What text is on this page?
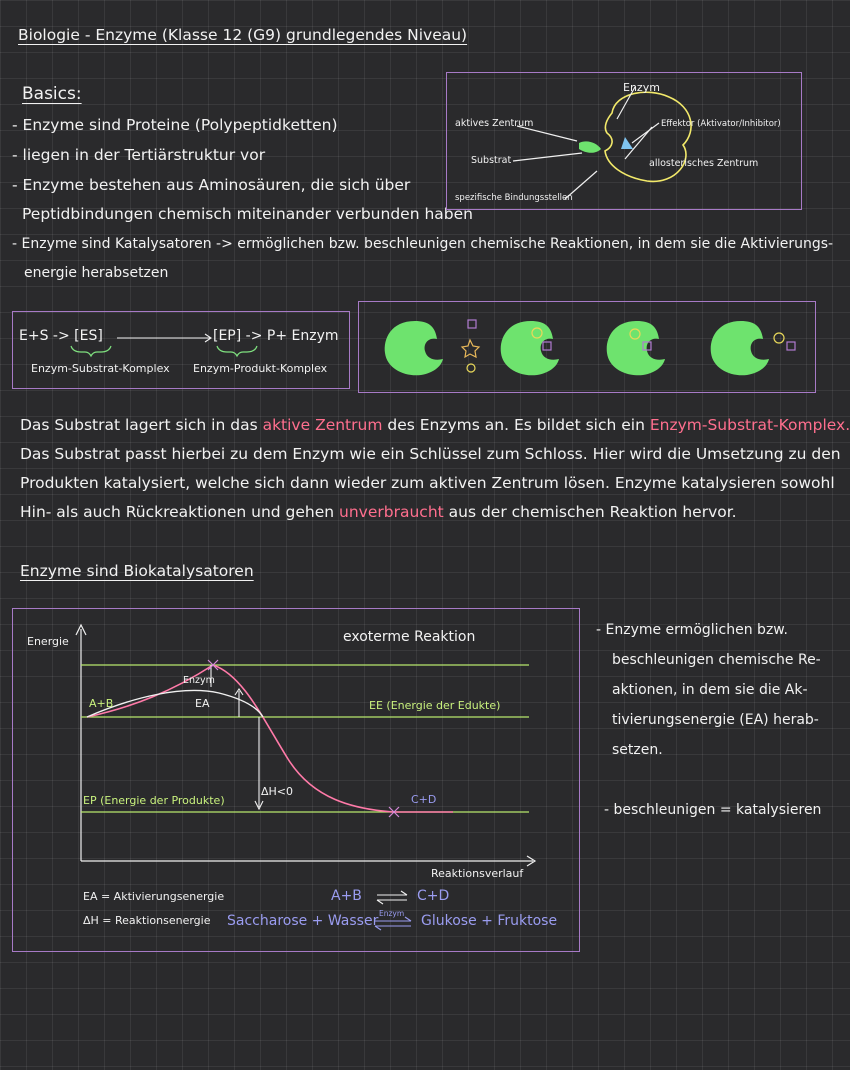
Biologie - Enzyme (Klasse 12 (G9) grundlegendes Niveau)
Basics:
- Enzyme sind Proteine (Polypeptidketten)
- liegen in der Tertiärstruktur vor
- Enzyme bestehen aus Aminosäuren, die sich über
Peptidbindungen chemisch miteinander verbunden haben
- Enzyme sind Katalysatoren -> ermöglichen bzw. beschleunigen chemische Reaktionen, in dem sie die Aktivierungs-
energie herabsetzen
Enzym
aktives Zentrum
Substrat
spezifische Bindungsstellen
Effektor (Aktivator/Inhibitor)
allosterisches Zentrum
E+S -> [ES]	[EP] -> P+ Enzym
Enzym-Substrat-Komplex Enzym-Produkt-Komplex
Das Substrat lagert sich in das aktive Zentrum des Enzyms an. Es bildet sich ein Enzym-Substrat-Komplex.
Das Substrat passt hierbei zu dem Enzym wie ein Schlüssel zum Schloss. Hier wird die Umsetzung zu den
Produkten katalysiert, welche sich dann wieder zum aktiven Zentrum lösen. Enzyme katalysieren sowohl
Hin- als auch Rückreaktionen und gehen unverbraucht aus der chemischen Reaktion hervor.
Enzyme sind Biokatalysatoren
Energie	exoterme Reaktion
A+B
Enzym
EA	EE (Energie der Edukte)
ΔH<0
EP (Energie der Produkte)	C+D
Reaktionsverlauf
EA = Aktivierungsenergie
ΔH = Reaktionsenergie
A+B	C+D
Saccharose + Wasser Enzym Glukose + Fruktose
- Enzyme ermöglichen bzw.
beschleunigen chemische Re-
aktionen, in dem sie die Ak-
tivierungsenergie (EA) herab-
setzen.
- beschleunigen = katalysieren
